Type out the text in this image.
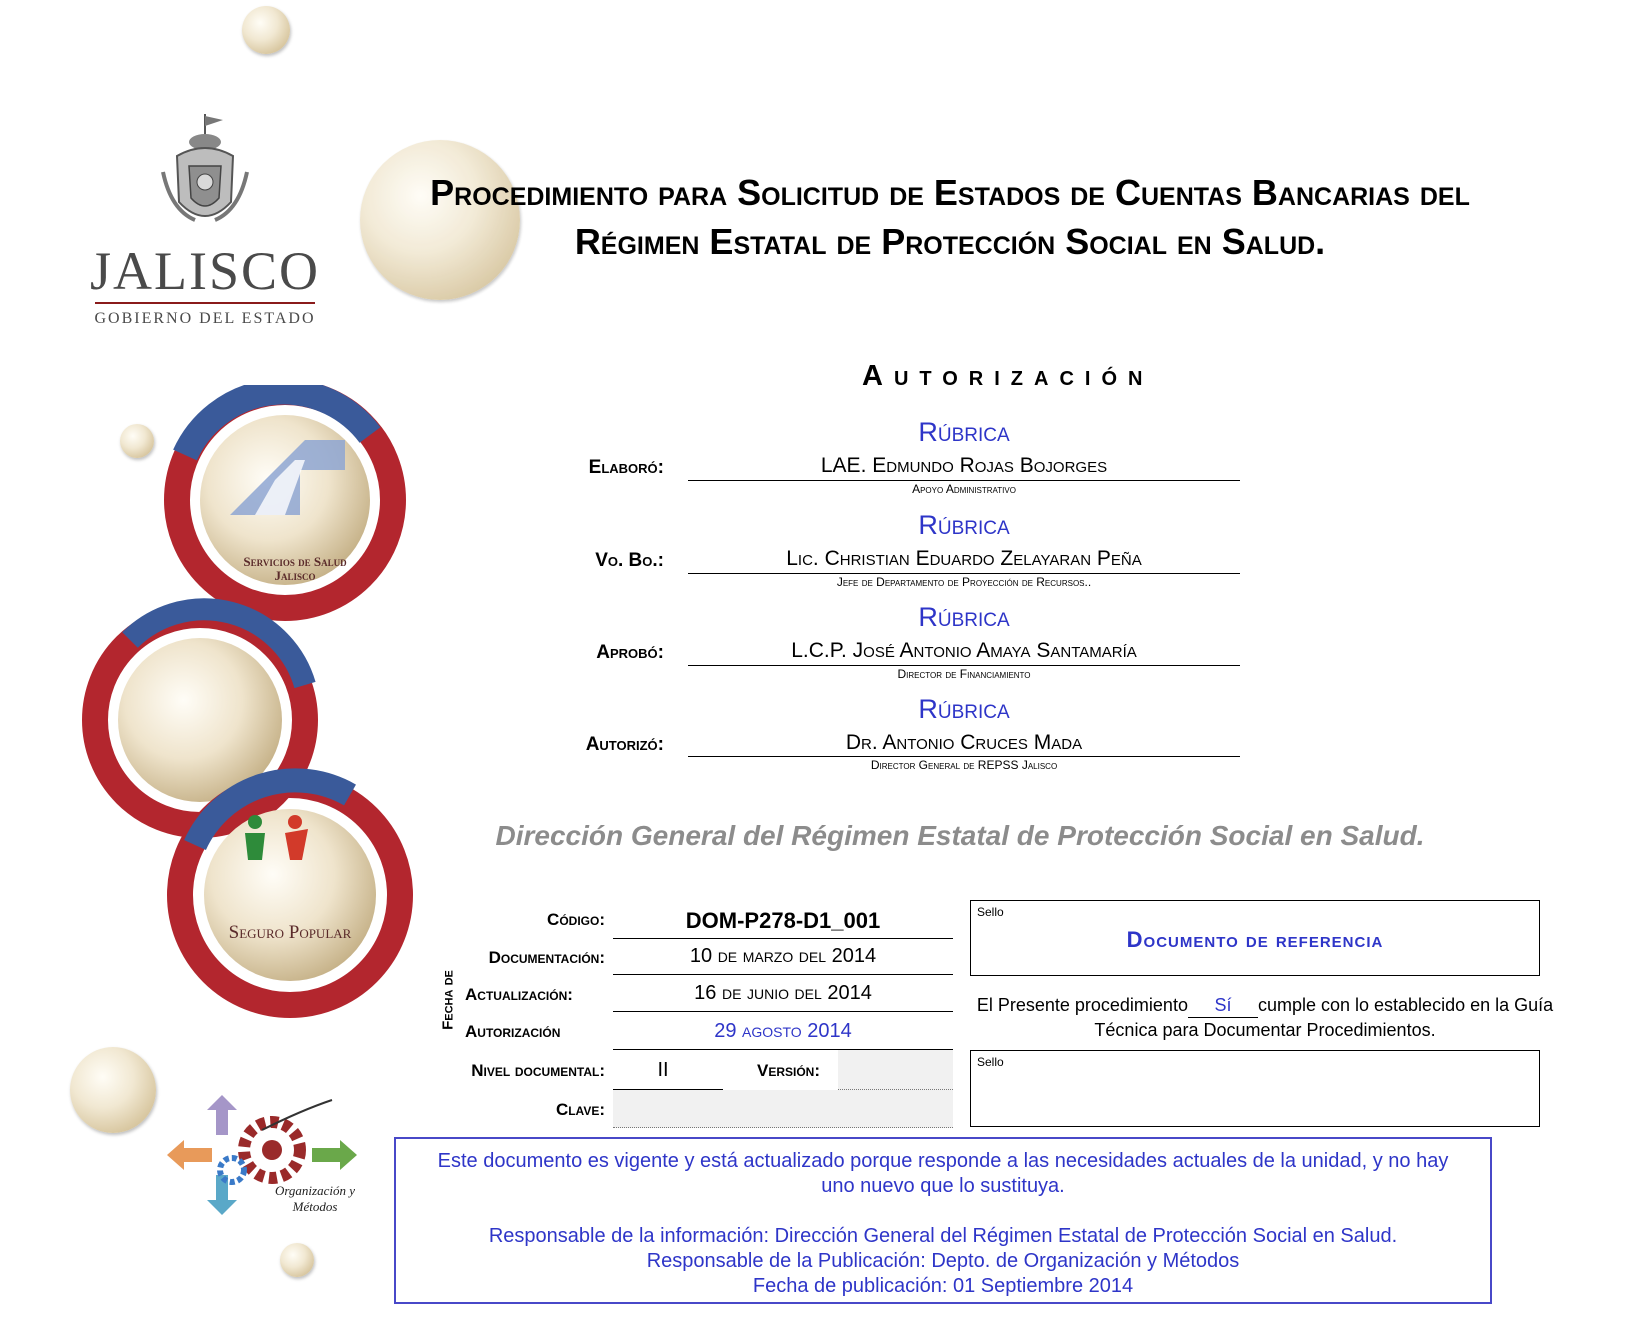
JALISCO
GOBIERNO DEL ESTADO
Servicios de Salud Jalisco
Seguro Popular
Organización y Métodos
Procedimiento para Solicitud de Estados de Cuentas Bancarias del Régimen Estatal de Protección Social en Salud.
Autorización
Rúbrica
Elaboró:	LAE. Edmundo Rojas Bojorges
Apoyo Administrativo
Rúbrica
Vo. Bo.:	Lic. Christian Eduardo Zelayaran Peña
Jefe de Departamento de Proyección de Recursos..
Rúbrica
Aprobó:	L.C.P. José Antonio Amaya Santamaría
Director de Financiamiento
Rúbrica
Autorizó:	Dr. Antonio Cruces Mada
Director General de REPSS Jalisco
Dirección General del Régimen Estatal de Protección Social en Salud.
Código:	DOM-P278-D1_001
Fecha de
Documentación:	10 de marzo del 2014
Actualización:	16 de junio del 2014
Autorización	29 agosto 2014
Nivel documental:	II	Versión:
Clave:
Sello
Documento de referencia
El Presente procedimiento Sí cumple con lo establecido en la Guía Técnica para Documentar Procedimientos.
Sello
Este documento es vigente y está actualizado porque responde a las necesidades actuales de la unidad, y no hay uno nuevo que lo sustituya.
Responsable de la información: Dirección General del Régimen Estatal de Protección Social en Salud.
Responsable de la Publicación: Depto. de Organización y Métodos
Fecha de publicación: 01 Septiembre 2014
